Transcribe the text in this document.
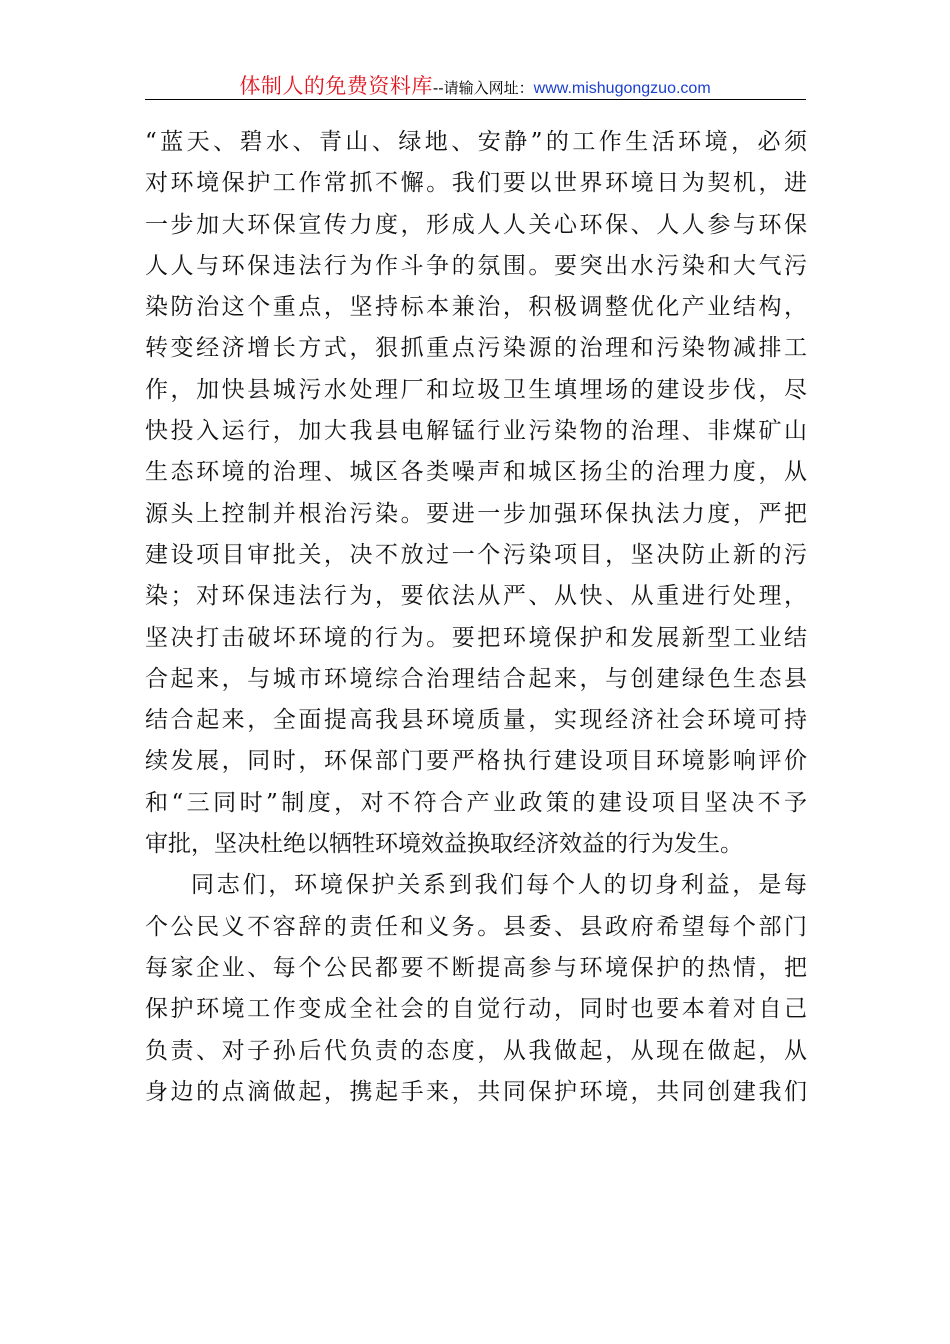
体制人的免费资料库--请输入网址：www.mishugongzuo.com
“蓝天、碧水、青山、绿地、安静”的工作生活环境，必须
对环境保护工作常抓不懈。我们要以世界环境日为契机，进
一步加大环保宣传力度，形成人人关心环保、人人参与环保
人人与环保违法行为作斗争的氛围。要突出水污染和大气污
染防治这个重点，坚持标本兼治，积极调整优化产业结构，
转变经济增长方式，狠抓重点污染源的治理和污染物减排工
作，加快县城污水处理厂和垃圾卫生填埋场的建设步伐，尽
快投入运行，加大我县电解锰行业污染物的治理、非煤矿山
生态环境的治理、城区各类噪声和城区扬尘的治理力度，从
源头上控制并根治污染。要进一步加强环保执法力度，严把
建设项目审批关，决不放过一个污染项目，坚决防止新的污
染；对环保违法行为，要依法从严、从快、从重进行处理，
坚决打击破坏环境的行为。要把环境保护和发展新型工业结
合起来，与城市环境综合治理结合起来，与创建绿色生态县
结合起来，全面提高我县环境质量，实现经济社会环境可持
续发展，同时，环保部门要严格执行建设项目环境影响评价
和“三同时”制度，对不符合产业政策的建设项目坚决不予
审批，坚决杜绝以牺牲环境效益换取经济效益的行为发生。
同志们，环境保护关系到我们每个人的切身利益，是每
个公民义不容辞的责任和义务。县委、县政府希望每个部门
每家企业、每个公民都要不断提高参与环境保护的热情，把
保护环境工作变成全社会的自觉行动，同时也要本着对自己
负责、对子孙后代负责的态度，从我做起，从现在做起，从
身边的点滴做起，携起手来，共同保护环境，共同创建我们
